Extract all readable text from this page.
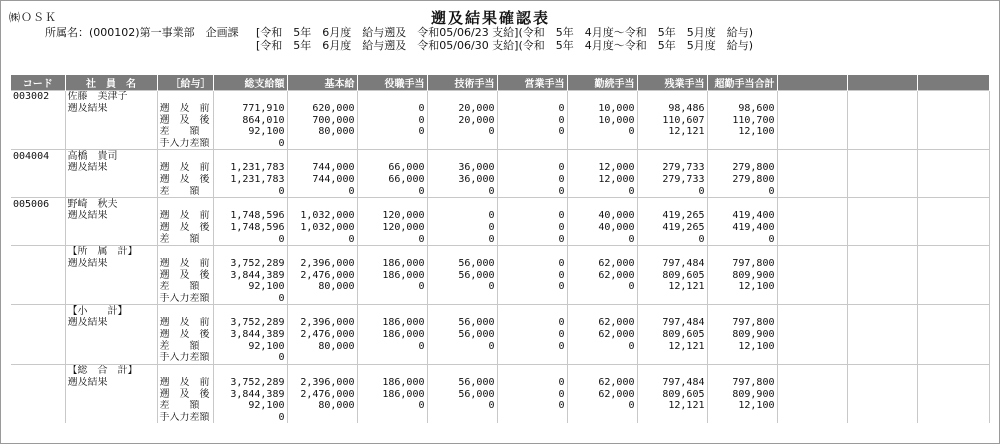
㈱ＯＳＫ	遡及結果確認表
所属名：(000102)第一事業部　企画課 [令和　5年　6月度　給与遡及　令和05/06/23 支給](令和　5年　4月度～令和　5年　5月度　給与)
[令和　5年　6月度　給与遡及　令和05/06/30 支給](令和　5年　4月度～令和　5年　5月度　給与)
コード	社　員　名	［給与］	総支給額	基本給	役職手当	技術手当	営業手当	勤続手当	残業手当	超勤手当合計			
003002	佐藤　美津子												
	遡及結果	遡　及　前	771,910	620,000	0	20,000	0	10,000	98,486	98,600			
		遡　及　後	864,010	700,000	0	20,000	0	10,000	110,607	110,700			
		差　　額	92,100	80,000	0	0	0	0	12,121	12,100			
		手入力差額	0										
004004	高橋　貴司												
	遡及結果	遡　及　前	1,231,783	744,000	66,000	36,000	0	12,000	279,733	279,800			
		遡　及　後	1,231,783	744,000	66,000	36,000	0	12,000	279,733	279,800			
		差　　額	0	0	0	0	0	0	0	0			
005006	野崎　秋夫												
	遡及結果	遡　及　前	1,748,596	1,032,000	120,000	0	0	40,000	419,265	419,400			
		遡　及　後	1,748,596	1,032,000	120,000	0	0	40,000	419,265	419,400			
		差　　額	0	0	0	0	0	0	0	0			
	【所　属　計】												
	遡及結果	遡　及　前	3,752,289	2,396,000	186,000	56,000	0	62,000	797,484	797,800			
		遡　及　後	3,844,389	2,476,000	186,000	56,000	0	62,000	809,605	809,900			
		差　　額	92,100	80,000	0	0	0	0	12,121	12,100			
		手入力差額	0										
	【小　　計】												
	遡及結果	遡　及　前	3,752,289	2,396,000	186,000	56,000	0	62,000	797,484	797,800			
		遡　及　後	3,844,389	2,476,000	186,000	56,000	0	62,000	809,605	809,900			
		差　　額	92,100	80,000	0	0	0	0	12,121	12,100			
		手入力差額	0										
	【総　合　計】												
	遡及結果	遡　及　前	3,752,289	2,396,000	186,000	56,000	0	62,000	797,484	797,800			
		遡　及　後	3,844,389	2,476,000	186,000	56,000	0	62,000	809,605	809,900			
		差　　額	92,100	80,000	0	0	0	0	12,121	12,100			
		手入力差額	0										
